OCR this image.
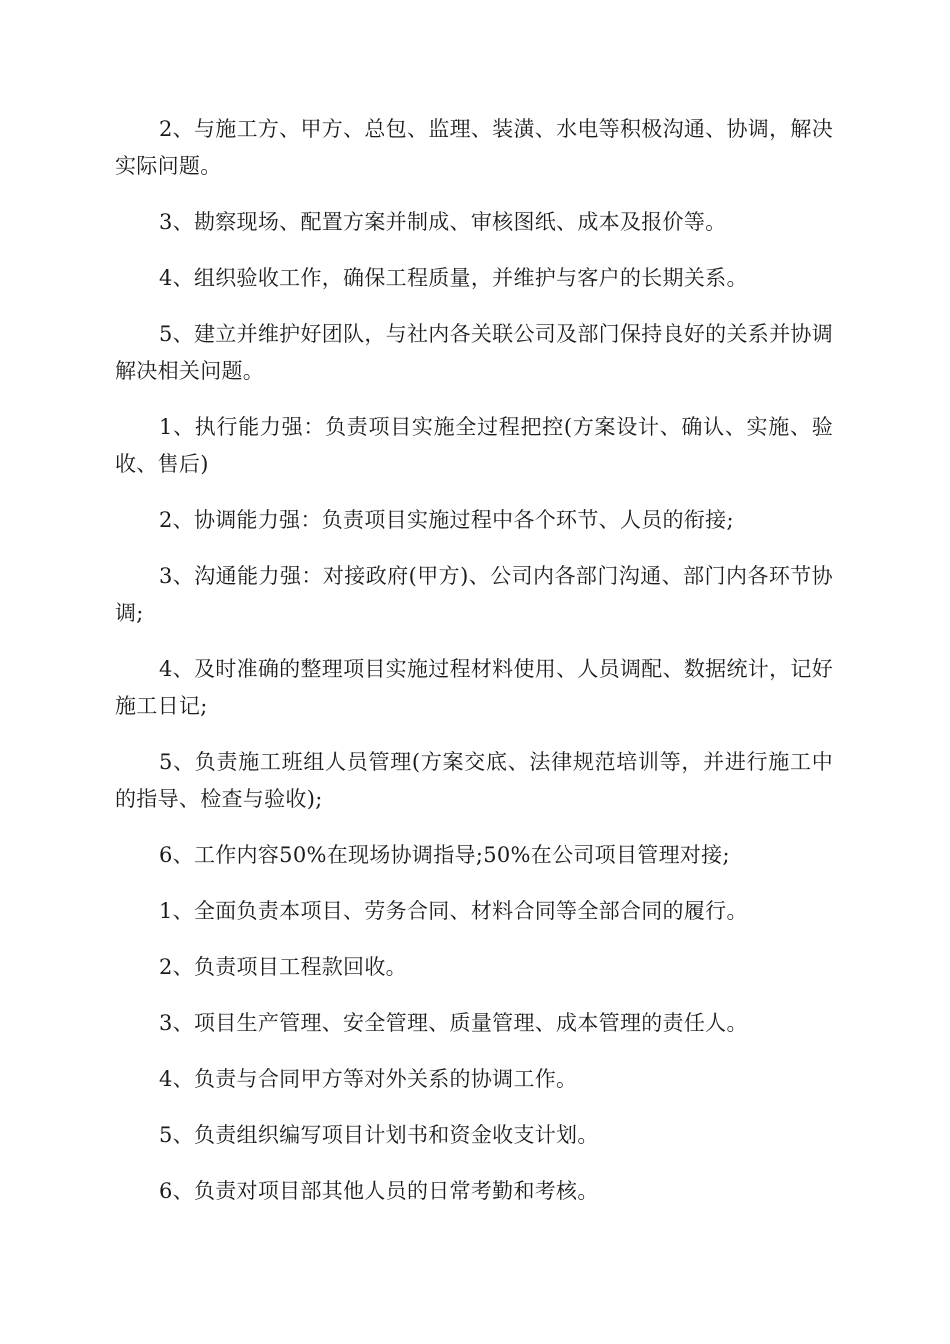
2、与施工方、甲方、总包、监理、装潢、水电等积极沟通、协调，解决实际问题。

3、勘察现场、配置方案并制成、审核图纸、成本及报价等。

4、组织验收工作，确保工程质量，并维护与客户的长期关系。

5、建立并维护好团队，与社内各关联公司及部门保持良好的关系并协调解决相关问题。

1、执行能力强：负责项目实施全过程把控(方案设计、确认、实施、验收、售后)

2、协调能力强：负责项目实施过程中各个环节、人员的衔接;

3、沟通能力强：对接政府(甲方)、公司内各部门沟通、部门内各环节协调;

4、及时准确的整理项目实施过程材料使用、人员调配、数据统计，记好施工日记;

5、负责施工班组人员管理(方案交底、法律规范培训等，并进行施工中的指导、检查与验收);

6、工作内容50%在现场协调指导;50%在公司项目管理对接;

1、全面负责本项目、劳务合同、材料合同等全部合同的履行。

2、负责项目工程款回收。

3、项目生产管理、安全管理、质量管理、成本管理的责任人。

4、负责与合同甲方等对外关系的协调工作。

5、负责组织编写项目计划书和资金收支计划。

6、负责对项目部其他人员的日常考勤和考核。
